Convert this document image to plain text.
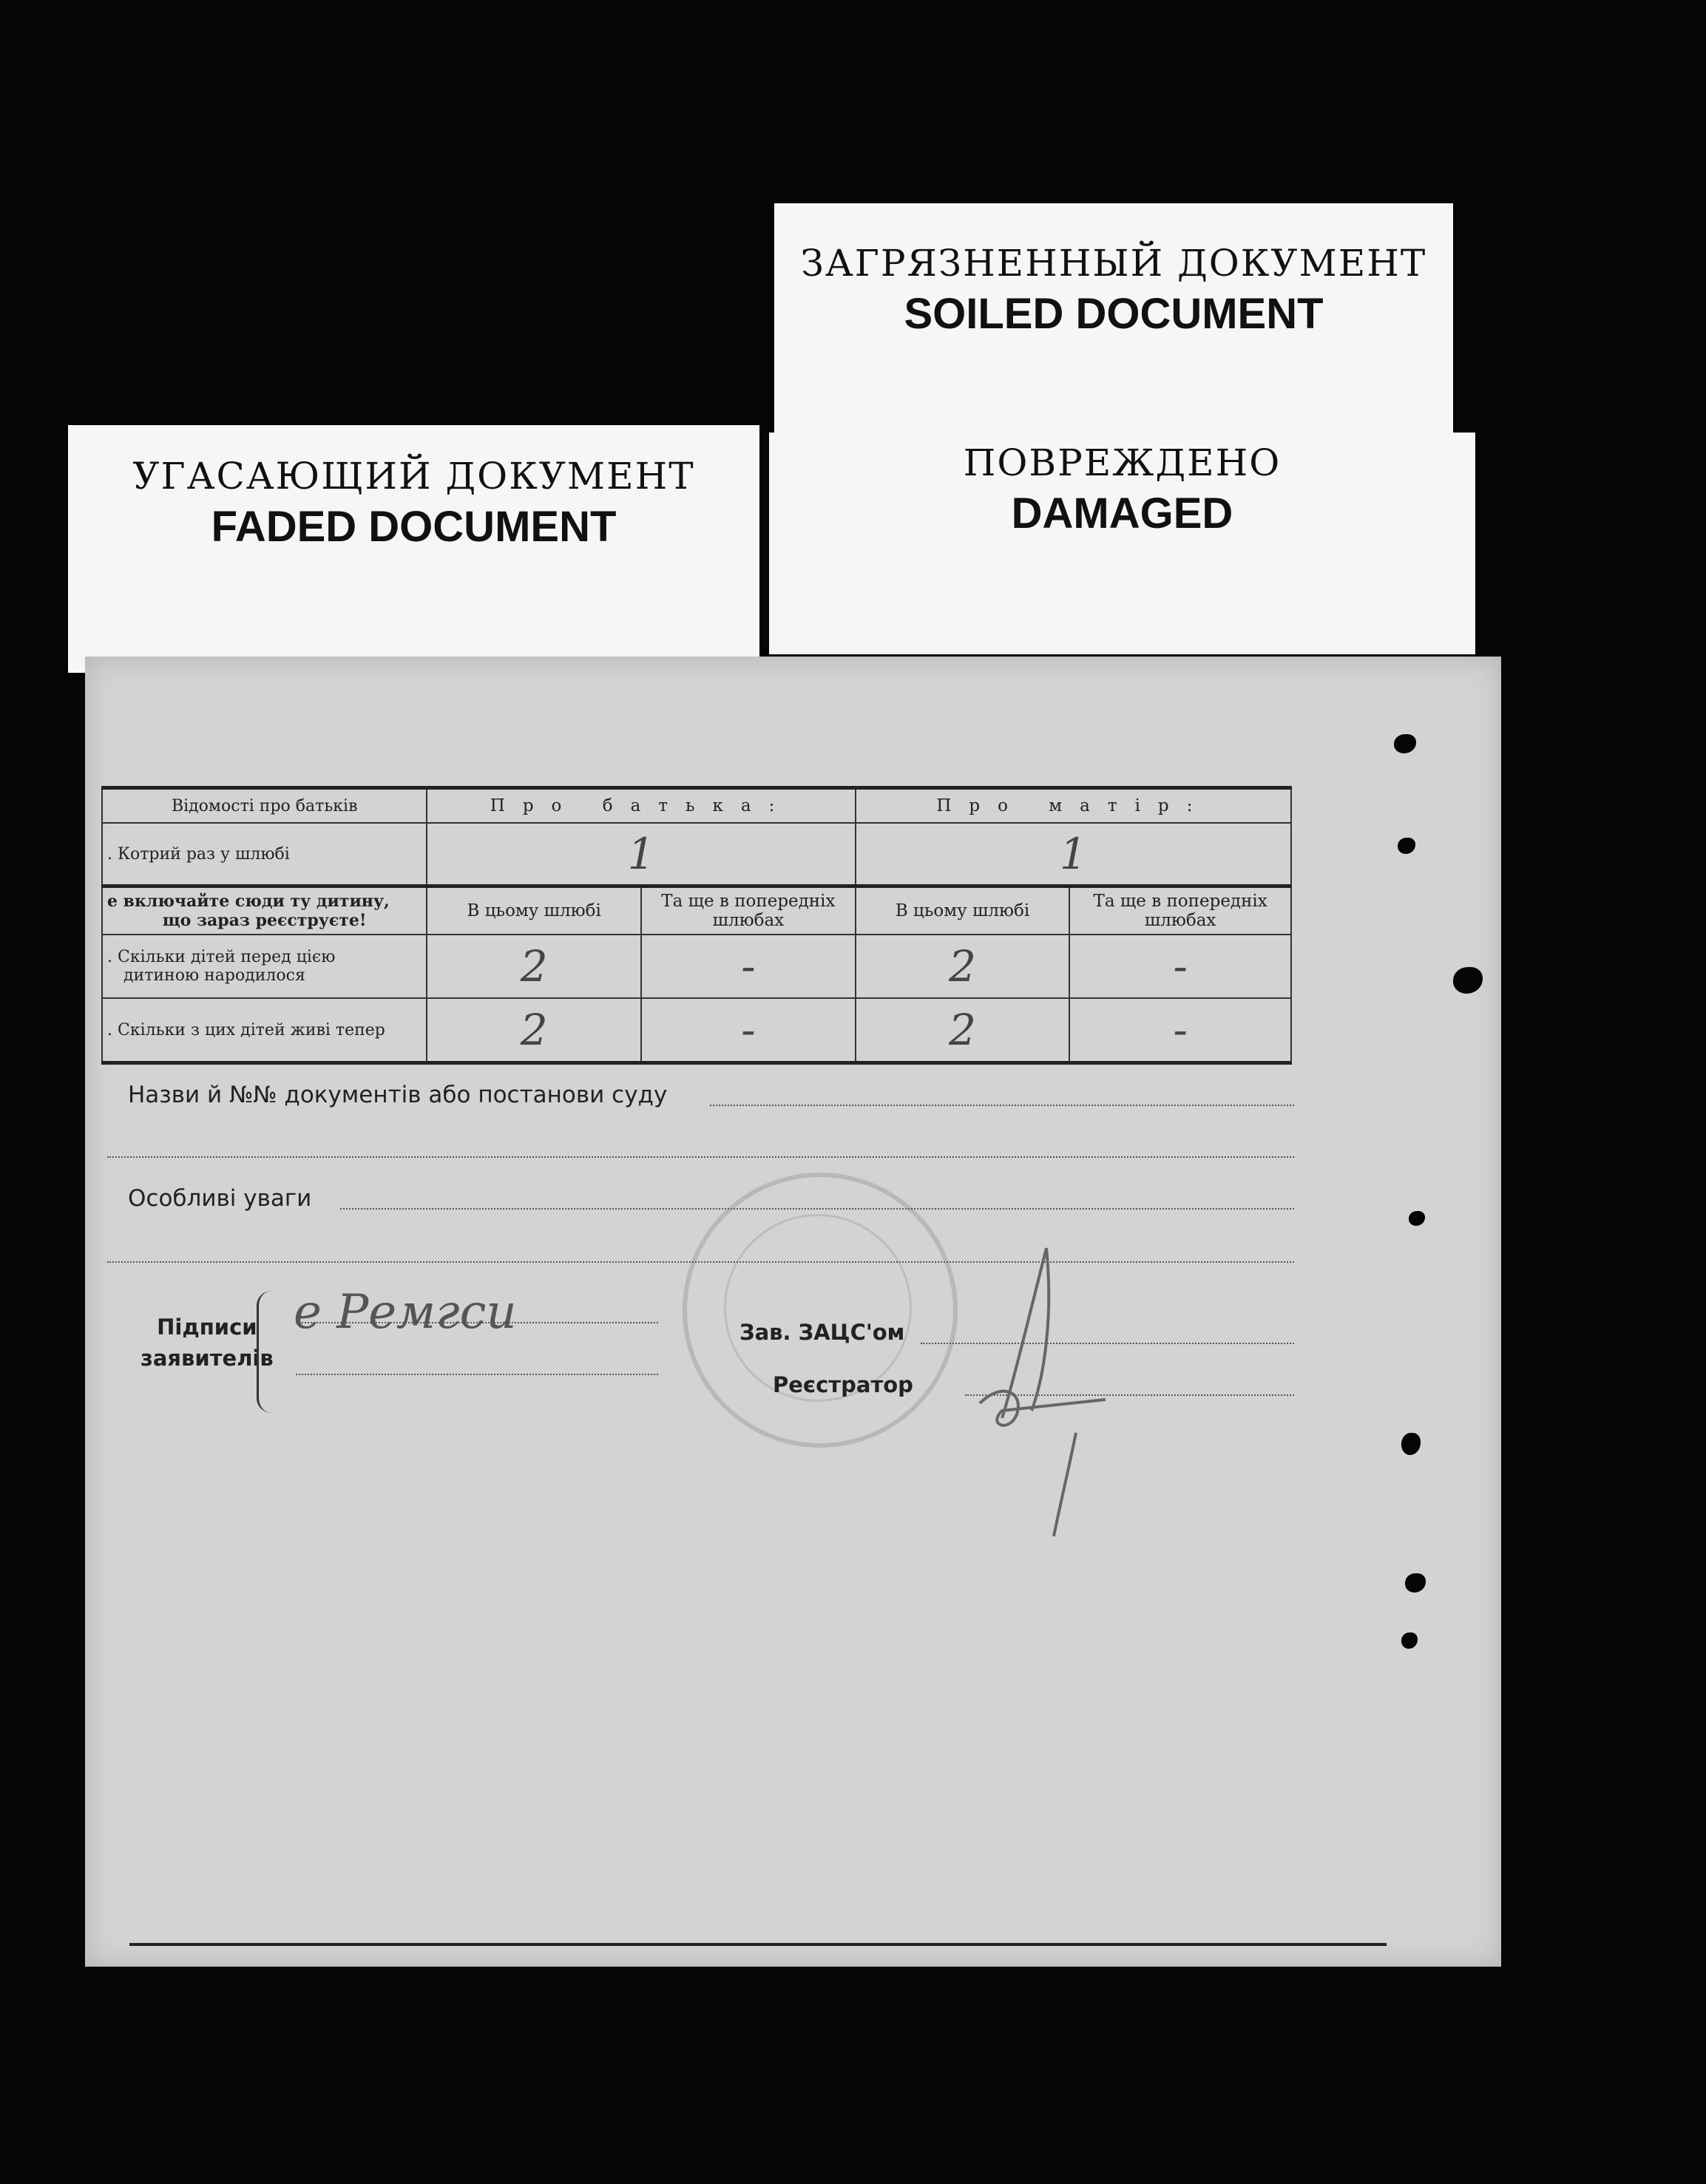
ЗАГРЯЗНЕННЫЙ ДОКУМЕНТ
SOILED DOCUMENT
УГАСАЮЩИЙ ДОКУМЕНТ
FADED DOCUMENT
ПОВРЕЖДЕНО
DAMAGED
Відомості про батьків	Про батька:		Про матір:	
. Котрий раз у шлюбі	1		1	

е включайте сюди ту дитину,
що зараз реєструєте!	В цьому шлюбі	Та ще в попередніх шлюбах	В цьому шлюбі	Та ще в попередніх шлюбах

. Скільки дітей перед цією
дитиною народилося	2	-	2	-
. Скільки з цих дітей живі тепер	2	-	2	-
Назви й №№ документів або постанови суду
Особливі уваги
Підписи
заявителів
e Ремгси	Зав. ЗАЦС'ом
Реєстратор
